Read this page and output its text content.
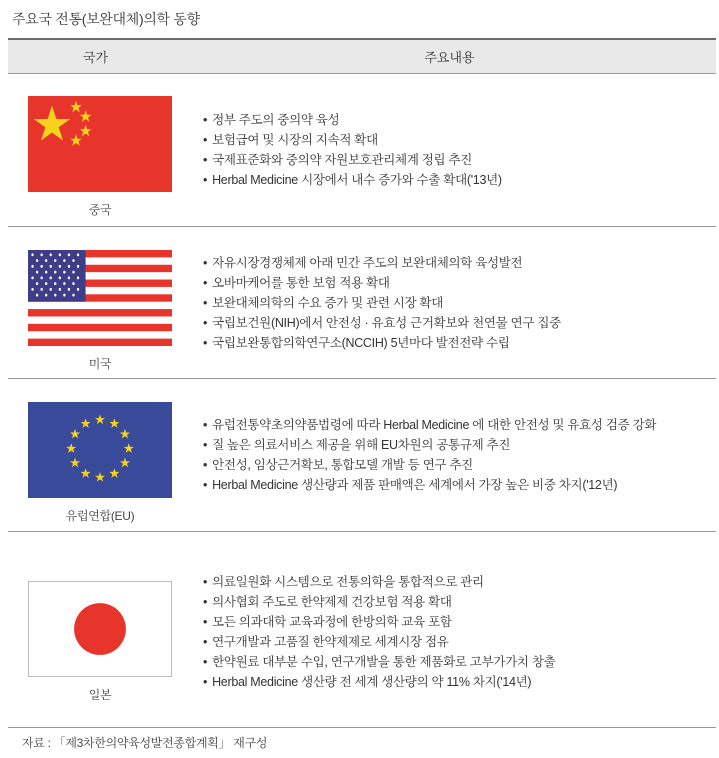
주요국 전통(보완대체)의학 동향
국가	주요내용
중국
• 정부 주도의 중의약 육성
• 보험급여 및 시장의 지속적 확대
• 국제표준화와 중의약 자원보호관리체계 정립 추진
• Herbal Medicine 시장에서 내수 증가와 수출 확대('13년)
미국
• 자유시장경쟁체제 아래 민간 주도의 보완대체의학 육성발전
• 오바마케어를 통한 보험 적용 확대
• 보완대체의학의 수요 증가 및 관련 시장 확대
• 국립보건원(NIH)에서 안전성 · 유효성 근거확보와 천연물 연구 집중
• 국립보완통합의학연구소(NCCIH) 5년마다 발전전략 수립
유럽연합(EU)
• 유럽전통약초의약품법령에 따라 Herbal Medicine 에 대한 안전성 및 유효성 검증 강화
• 질 높은 의료서비스 제공을 위해 EU차원의 공통규제 추진
• 안전성, 임상근거확보, 통합모델 개발 등 연구 추진
• Herbal Medicine 생산량과 제품 판매액은 세계에서 가장 높은 비중 차지('12년)
일본
• 의료일원화 시스템으로 전통의학을 통합적으로 관리
• 의사협회 주도로 한약제제 건강보험 적용 확대
• 모든 의과대학 교육과정에 한방의학 교육 포함
• 연구개발과 고품질 한약제제로 세계시장 점유
• 한약원료 대부분 수입, 연구개발을 통한 제품화로 고부가가치 창출
• Herbal Medicine 생산량 전 세계 생산량의 약 11% 차지('14년)
자료 : 「제3차한의약육성발전종합계획」 재구성
